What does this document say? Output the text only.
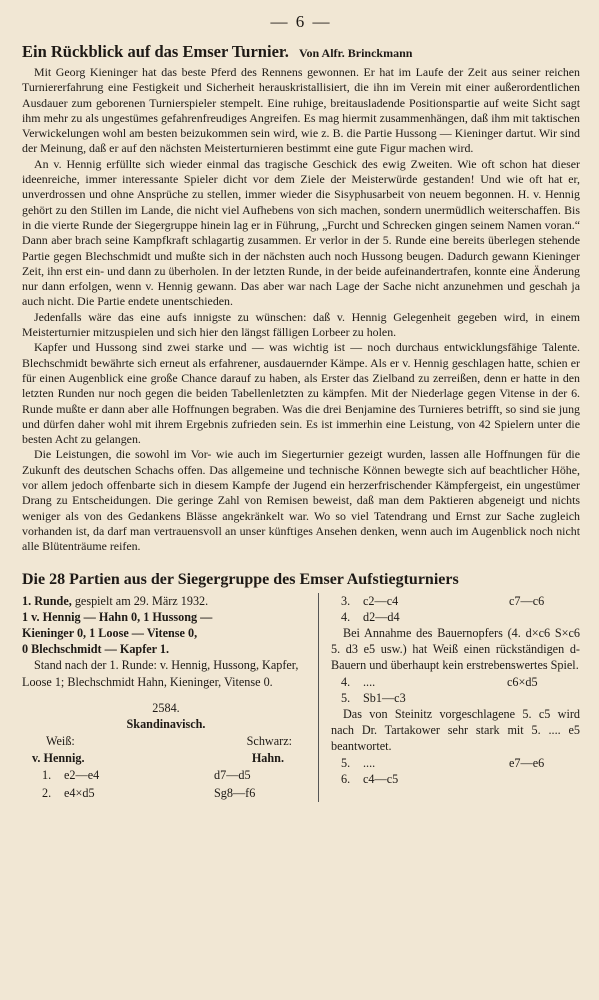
— 6 —
Ein Rückblick auf das Emser Turnier. Von Alfr. Brinckmann

Mit Georg Kieninger hat das beste Pferd des Rennens gewonnen. Er hat im Laufe der Zeit aus seiner reichen Turniererfahrung eine Festigkeit und Sicherheit herauskristallisiert, die ihn im Verein mit einer außerordentlichen Ausdauer zum geborenen Turnierspieler stempelt. Eine ruhige, breitausladende Positionspartie auf weite Sicht sagt ihm mehr zu als ungestümes gefahrenfreudiges Angreifen. Es mag hiermit zusammenhängen, daß ihm mit taktischen Verwickelungen wohl am besten beizukommen sein wird, wie z. B. die Partie Hussong — Kieninger dartut. Wir sind der Meinung, daß er auf den nächsten Meisterturnieren bestimmt eine gute Figur machen wird.

An v. Hennig erfüllte sich wieder einmal das tragische Geschick des ewig Zweiten. Wie oft schon hat dieser ideenreiche, immer interessante Spieler dicht vor dem Ziele der Meisterwürde gestanden! Und wie oft hat er, unverdrossen und ohne Ansprüche zu stellen, immer wieder die Sisyphusarbeit von neuem begonnen. H. v. Hennig gehört zu den Stillen im Lande, die nicht viel Aufhebens von sich machen, sondern unermüdlich weiterschaffen. Bis in die vierte Runde der Siegergruppe hinein lag er in Führung, „Furcht und Schrecken gingen seinem Namen voran.“ Dann aber brach seine Kampfkraft schlagartig zusammen. Er verlor in der 5. Runde eine bereits überlegen stehende Partie gegen Blechschmidt und mußte sich in der nächsten auch noch Hussong beugen. Dadurch gewann Kieninger Zeit, ihn erst ein- und dann zu überholen. In der letzten Runde, in der beide aufeinandertrafen, konnte eine Änderung nur dann erfolgen, wenn v. Hennig gewann. Das aber war nach Lage der Sache nicht anzunehmen und geschah ja auch nicht. Die Partie endete unentschieden.

Jedenfalls wäre das eine aufs innigste zu wünschen: daß v. Hennig Gelegenheit gegeben wird, in einem Meisterturnier mitzuspielen und sich hier den längst fälligen Lorbeer zu holen.

Kapfer und Hussong sind zwei starke und — was wichtig ist — noch durchaus entwicklungsfähige Talente. Blechschmidt bewährte sich erneut als erfahrener, ausdauernder Kämpe. Als er v. Hennig geschlagen hatte, schien er für einen Augenblick eine große Chance darauf zu haben, als Erster das Zielband zu zerreißen, denn er hatte in den letzten Runden nur noch gegen die beiden Tabellenletzten zu kämpfen. Mit der Niederlage gegen Vitense in der 6. Runde mußte er dann aber alle Hoffnungen begraben. Was die drei Benjamine des Turnieres betrifft, so sind sie jung und dürfen daher wohl mit ihrem Ergebnis zufrieden sein. Es ist immerhin eine Leistung, von 42 Spielern unter die besten Acht zu gelangen.

Die Leistungen, die sowohl im Vor- wie auch im Siegerturnier gezeigt wurden, lassen alle Hoffnungen für die Zukunft des deutschen Schachs offen. Das allgemeine und technische Können bewegte sich auf beachtlicher Höhe, vor allem jedoch offenbarte sich in diesem Kampfe der Jugend ein herzerfrischender Kämpfergeist, ein ungestümer Drang zu Entscheidungen. Die geringe Zahl von Remisen beweist, daß man dem Paktieren abgeneigt und nichts weniger als von des Gedankens Blässe angekränkelt war. Wo so viel Tatendrang und Ernst zur Sache zugleich vorhanden ist, da darf man vertrauensvoll an unser künftiges Ansehen denken, wenn auch im Augenblick noch nicht alle Blütenträume reifen.

Die 28 Partien aus der Siegergruppe des Emser Aufstiegturniers
1. Runde, gespielt am 29. März 1932.
1 v. Hennig — Hahn 0, 1 Hussong —
Kieninger 0, 1 Loose — Vitense 0,
0 Blechschmidt — Kapfer 1.
Stand nach der 1. Runde: v. Hennig, Hussong, Kapfer, Loose 1; Blechschmidt Hahn, Kieninger, Vitense 0.
2584.
Skandinavisch.
Weiß:	Schwarz:
v. Hennig.	Hahn.
1. e2—e4	d7—d5
2. e4×d5	Sg8—f6
3. c2—c4	c7—c6
4. d2—d4
Bei Annahme des Bauernopfers (4. d×c6 S×c6 5. d3 e5 usw.) hat Weiß einen rückständigen d-Bauern und überhaupt kein erstrebenswertes Spiel.
4. ....	c6×d5
5. Sb1—c3
Das von Steinitz vorgeschlagene 5. c5 wird nach Dr. Tartakower sehr stark mit 5. .... e5 beantwortet.
5. ....	e7—e6
6. c4—c5
